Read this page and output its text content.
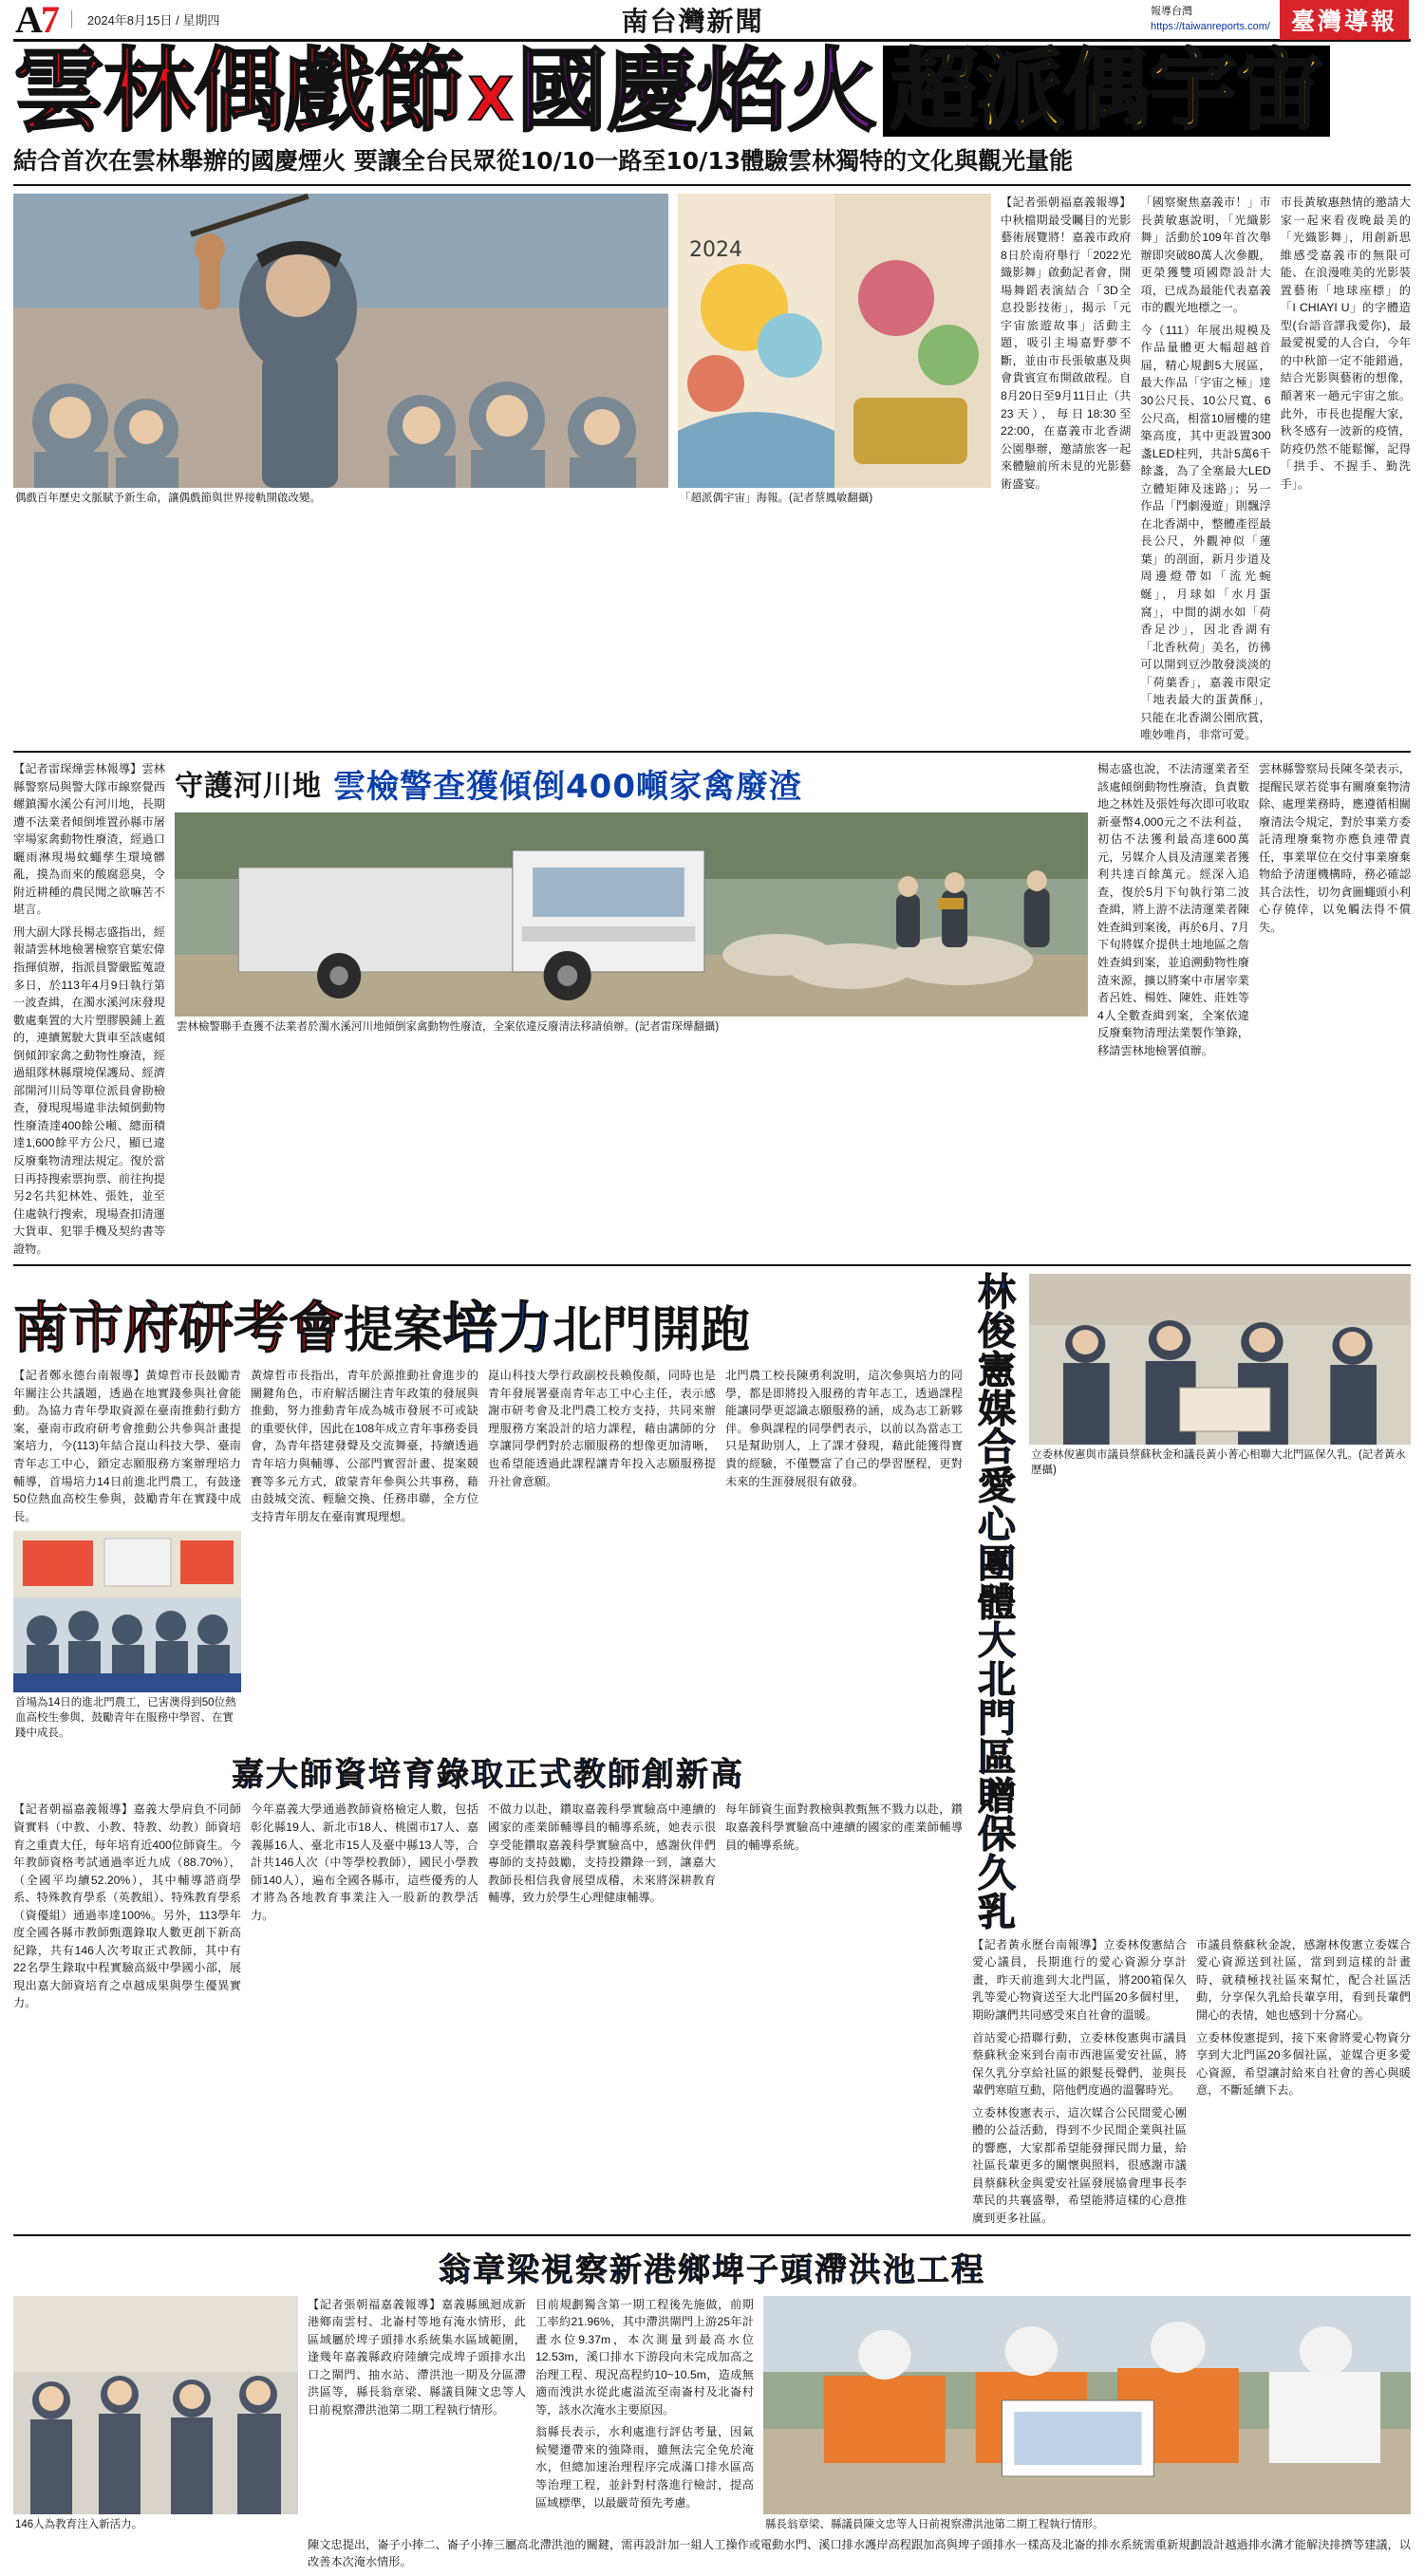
A 7	2024年8月15日 / 星期四	南台灣新聞	報導台灣
https://taiwanreports.com/ 臺灣導報
雲林偶戲節 X 國慶焰火 超派偶宇宙
結合首次在雲林舉辦的國慶煙火 要讓全台民眾從10/10一路至10/13體驗雲林獨特的文化與觀光量能
偶戲百年歷史文脈賦予新生命，讓偶戲節與世界接軌開啟改變。
2024
「超派偶宇宙」海報。(記者蔡鳳敏翻攝)

【記者張朝福嘉義報導】中秋檔期最受矚目的光影藝術展覽將！嘉義市政府8日於南府舉行「2022光織影舞」啟動記者會，開場舞蹈表演結合「3D全息投影技術」，揭示「元宇宙旅遊故事」活動主題，吸引主場嘉野夢不斷，並由市長張敏惠及與會貴賓宣布開啟啟程。自8月20日至9月11日止（共23天），每日18:30至22:00，在嘉義市北香湖公園舉辦，邀請旅客一起來體驗前所未見的光影藝術盛宴。

「國察聚焦嘉義市！」市長黃敏惠說明，「光織影舞」活動於109年首次舉辦即突破80萬人次參觀，更榮獲雙項國際設計大項，已成為最能代表嘉義市的觀光地標之一。

今（111）年展出規模及作品量體更大幅超越首屆，精心規劃5大展區，最大作品「宇宙之極」達30公尺長、10公尺寬、6公尺高，相當10層樓的建築高度，其中更設置300盞LED柱列，共計5萬6千餘盞，為了全塞最大LED立體矩陣及迷路」；另一作品「鬥劇漫遊」則飄浮在北香湖中，整體產徑最長公尺，外觀神似「蓮葉」的剖面，新月步道及周邊燈帶如「流光蜿蜒」，月球如「水月蛋窩」，中間的湖水如「荷香足沙」，因北香湖有「北香秋荷」美名，彷彿可以開到豆沙散發淡淡的「荷葉香」，嘉義市限定「地表最大的蛋黃酥」，只能在北香湖公園欣賞，唯妙唯肖，非常可愛。

市長黃敏惠熱情的邀請大家一起來看夜晚最美的「光織影舞」，用創新思維感受嘉義市的無限可能、在浪漫唯美的光影裝置藝術「地球座標」的「I CHIAYI U」的字體造型(台語音譯我愛你)，最最愛視愛的人合白，今年的中秋節一定不能錯過，結合光影與藝術的想像，顛著來一趟元宇宙之旅。此外，市長也提醒大家，秋冬感有一波新的疫情，防疫仍然不能鬆懈，記得「拱手、不握手、勤洗手」。

【記者雷琛燁雲林報導】雲林縣警察局與警大隊市線察覺西螺鎮濁水溪公有河川地，長期遭不法業者傾倒堆置孙縣市屠宰場家禽動物性廢渣，經過口曬雨淋現場蚊蠅孳生環境髒亂，摸為而來的酸腐惡臭，令附近耕種的農民聞之欲嘛苦不堪言。

刑大副大隊長楊志盛指出，經報請雲林地檢署檢察官葉宏偉指揮偵辦，指派員警嚴監蒐證多日，於113年4月9日執行第一波查緝，在濁水溪河床發現數處棄置的大片塑膠膜鋪上蓋的，連續駕駛大貨車至該處傾倒傾卸家禽之動物性廢渣，經過組隊林縣環境保護局、經濟部開河川局等單位派員會勘檢查，發現現場違非法傾倒動物性廢渣達400餘公噸、總面積達1,600餘平方公尺，顯已違反廢棄物清理法規定。復於當日再持搜索票拘票、前往拘提另2名共犯林姓、張姓，並至住處執行搜索，現場查扣清運大貨車、犯罪手機及契約書等證物。

守護河川地 雲檢警查獲傾倒400噸家禽廢渣
雲林檢警聯手查獲不法業者於濁水溪河川地傾倒家禽動物性廢渣，全案依違反廢清法移請偵辦。(記者雷琛燁翻攝)

楊志盛也說，不法清運業者至該處傾倒動物性廢渣，負責數地之林姓及張姓每次即可收取新臺幣4,000元之不法利益，初估不法獲利最高達600萬元，另媒介人員及清運業者獲利共達百餘萬元。經深入追查，復於5月下旬執行第二波查緝，將上游不法清運業者陳姓查緝到案後，再於6月、7月下旬將媒介提供土地地區之詹姓查緝到案，並追溯動物性廢渣來源，擴以將案中市屠宰業者呂姓、楊姓、陳姓、莊姓等4人全數查緝到案，全案依違反廢棄物清理法業製作筆錄，移請雲林地檢署偵辦。

雲林縣警察局長陳冬榮表示，提醒民眾若從事有關廢棄物清除、處理業務時，應遵循相關廢清法令規定，對於事業方委託清理廢棄物亦應負連帶責任，事業單位在交付事業廢棄物給予清運機構時，務必確認其合法性，切勿貪圖蠅頭小利心存僥倖，以免觸法得不償失。

南市府研考會 提案 培力 北門開跑

【記者鄭永德台南報導】黃煒哲市長鼓勵青年關注公共議題，透過在地實踐參與社會能動。為協力青年學取資源在臺南推動行動方案，臺南市政府研考會推動公共參與計畫提案培力，今(113)年結合崑山科技大學、臺南青年志工中心，鎖定志願服務方案辦理培力輔導，首場培力14日前進北門農工，有鼓逢50位熱血高校生參與，鼓勵青年在實踐中成長。

首場為14日的進北門農工，已害澳得到50位熱血高校生參與，鼓勵青年在服務中學習、在實踐中成長。

黃煒哲市長指出，青年於源推動社會進步的關鍵角色，市府解活關注青年政策的發展與推動，努力推動青年成為城市發展不可或缺的重要伙伴，因此在108年成立青年事務委員會，為青年搭建發聲及交流舞臺，持續透過青年培力與輔導、公部門實習計畫、提案競賽等多元方式，啟蒙青年參與公共事務，藉由鼓城交流、輕驗交換、任務串聯，全方位支持青年朋友在臺南實現理想。

崑山科技大學行政副校長賴俊顏，同時也是青年發展署臺南青年志工中心主任，表示感謝市研考會及北門農工校方支持，共同來辦理服務方案設計的培力課程，藉由講師的分享讓同學們對於志願服務的想像更加清晰，也希望能透過此課程讓青年投入志願服務提升社會意願。

北門農工校長陳勇利說明，這次參與培力的同學，都是即將投入服務的青年志工，透過課程能讓同學更認識志願服務的涵，成為志工新夥伴。參與課程的同學們表示，以前以為當志工只是幫助別人，上了課才發現，藉此能獲得寶貴的經驗，不僅豐富了自己的學習歷程，更對未來的生涯發展很有啟發。

嘉大師資培育錄取正式教師創新高

【記者朝福嘉義報導】嘉義大學肩負不同師資實料（中教、小教、特教、幼教）師資培育之重責大任，每年培育近400位師資生。今年教師資格考試通過率近九成（88.70%），（全國平均續52.20%），其中輔導諮商學系、特殊教育學系（英教組）、特殊教育學系（資優組）通過率達100%。另外，113學年度全國各縣市教師甄選錄取人數更創下新高紀錄，共有146人次考取正式教師，其中有22名學生錄取中程實驗高級中學國小部，展現出嘉大師資培育之卓越成果與學生優異實力。

今年嘉義大學通過教師資格檢定人數，包括彰化縣19人、新北市18人、桃園市17人、嘉義縣16人、臺北市15人及臺中縣13人等，合計共146人次（中等學校教師），國民小學教師140人），遍布全國各縣市，這些優秀的人才將為各地教育事業注入一股新的教學活力。

不做力以赴，鑽取嘉義科學實驗高中連續的國家的產業師輔導員的輔導系統，她表示很享受能鑽取嘉義科學實驗高中，感謝伙伴們專師的支持鼓勵，支持投鑽錄一到，讓嘉大教師長相信我會展望成稽，未來將深耕教育輔導，致力於學生心理健康輔導。

每年師資生面對教檢與教甄無不戮力以赴，鑽取嘉義科學實驗高中連續的國家的產業師輔導員的輔導系統。

林俊憲媒合愛心團體大北門區贈保久乳
立委林俊憲與市議員蔡蘇秋金和議長黃小菁心相聯大北門區保久乳。(記者黃永歷攝)

【記者黃永歷台南報導】立委林俊憲結合愛心議員，長期進行的愛心資源分享計畫，昨天前進到大北門區，將200箱保久乳等愛心物資送至大北門區20多個村里，期盼讓們共同感受來自社會的溫暖。

首站愛心措聯行動，立委林俊憲與市議員蔡蘇秋金來到台南市西港區愛安社區，將保久乳分享給社區的銀髮長聲們，並與長輩們寒暄互動，陪他們度過的溫馨時光。

立委林俊憲表示，這次媒合公民間愛心團體的公益活動，得到不少民間企業與社區的響應，大家都希望能發揮民間力量，給社區長輩更多的關懷與照料，很感謝市議員蔡蘇秋金與愛安社區發展協會理事長李華民的共襄盛舉，希望能將這樣的心意推廣到更多社區。

市議員蔡蘇秋金說，感謝林俊憲立委媒合愛心資源送到社區，當到到這樣的計畫時，就積極找社區來幫忙，配合社區活動，分享保久乳給長輩享用，看到長輩們開心的表情，她也感到十分窩心。

立委林俊憲提到，接下來會將愛心物資分享到大北門區20多個社區，並媒合更多愛心資源，希望讓討給來自社會的善心與暖意，不斷延續下去。

翁章梁視察新港鄉埤子頭滯洪池工程
146人為教育注入新活力。

【記者張朝福嘉義報導】嘉義縣風迴成新港鄉南雲村、北崙村等地有淹水情形，此區域屬於埤子頭排水系統集水區域範圍，逢幾年嘉義縣政府陸續完成埤子頭排水出口之閘門、抽水站、滯洪池一期及分區滯洪區等，縣長翁章梁、縣議員陳文忠等人日前視察滯洪池第二期工程執行情形。

目前規劃獨含第一期工程後先施做，前期工率約21.96%，其中滯洪閘門上游25年計畫水位9.37m，本次測量到最高水位12.53m，溪口排水下游段向未完成加高之治理工程、現況高程約10~10.5m，造成無適而洩洪水從此處溢流至南崙村及北崙村等，該水次淹水主要原因。

翁縣長表示，水利處進行評估考量，因氣候變遷帶來的強降雨，雖無法完全免於淹水，但總加速治理程序完成滿口排水區高等治理工程，並針對村落進行檢討，提高區域標準，以最嚴苛預先考慮。

縣長翁章梁、縣議員陳文忠等人日前視察滯洪池第二期工程執行情形。

陳文忠提出，崙子小捧二、崙子小捧三屬高北滯洪池的關鍵，需再設計加一組人工操作或電動水門、溪口排水護岸高程跟加高與埤子頭排水一樣高及北崙的排水系統需重新規劃設計越過排水溝才能解決排擠等建議，以改善本次淹水情形。
